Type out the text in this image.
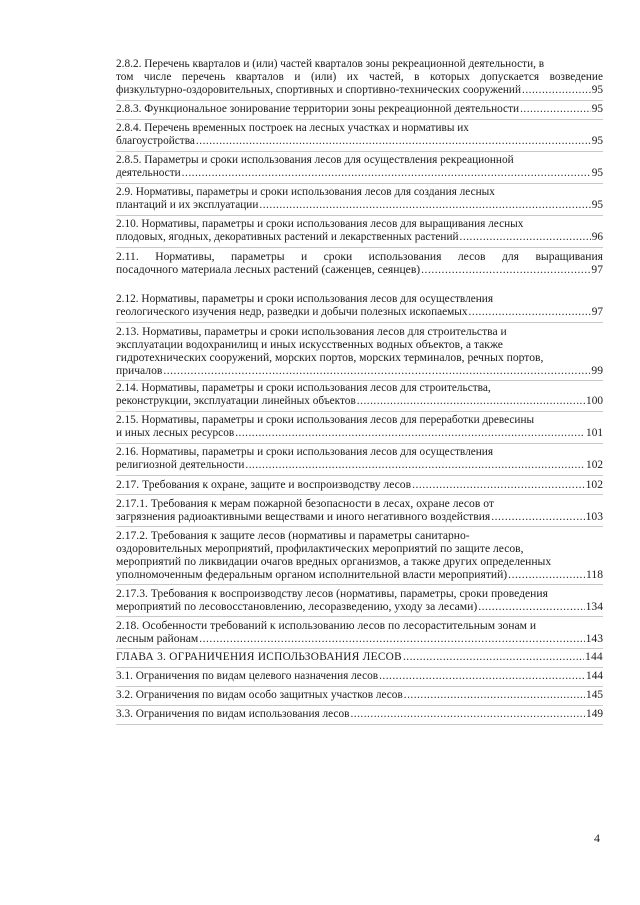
2.8.2. Перечень кварталов и (или) частей кварталов зоны рекреационной деятельности, в
том числе перечень кварталов и (или) их частей, в которых допускается возведение
физкультурно-оздоровительных, спортивных и спортивно-технических сооружений .....	95
2.8.3. Функциональное зонирование территории зоны рекреационной деятельности .....	95
2.8.4. Перечень временных построек на лесных участках и нормативы их
благоустройства .....	95
2.8.5. Параметры и сроки использования лесов для осуществления рекреационной
деятельности .....	95
2.9. Нормативы, параметры и сроки использования лесов для создания лесных
плантаций и их эксплуатации .....	95
2.10. Нормативы, параметры и сроки использования лесов для выращивания лесных
плодовых, ягодных, декоративных растений и лекарственных растений .....	96
2.11. Нормативы, параметры и сроки использования лесов для выращивания
посадочного материала лесных растений (саженцев, сеянцев) .....	97
2.12. Нормативы, параметры и сроки использования лесов для осуществления
геологического изучения недр, разведки и добычи полезных ископаемых .....	97
2.13. Нормативы, параметры и сроки использования лесов для строительства и
эксплуатации водохранилищ и иных искусственных водных объектов, а также
гидротехнических сооружений, морских портов, морских терминалов, речных портов,
причалов .....	99
2.14. Нормативы, параметры и сроки использования лесов для строительства,
реконструкции, эксплуатации линейных объектов .....	100
2.15. Нормативы, параметры и сроки использования лесов для переработки древесины
и иных лесных ресурсов .....	101
2.16. Нормативы, параметры и сроки использования лесов для осуществления
религиозной деятельности .....	102
2.17. Требования к охране, защите и воспроизводству лесов .....	102
2.17.1. Требования к мерам пожарной безопасности в лесах, охране лесов от
загрязнения радиоактивными веществами и иного негативного воздействия .....	103
2.17.2. Требования к защите лесов (нормативы и параметры санитарно-
оздоровительных мероприятий, профилактических мероприятий по защите лесов,
мероприятий по ликвидации очагов вредных организмов, а также других определенных
уполномоченным федеральным органом исполнительной власти мероприятий) .....	118
2.17.3. Требования к воспроизводству лесов (нормативы, параметры, сроки проведения
мероприятий по лесовосстановлению, лесоразведению, уходу за лесами) .....	134
2.18. Особенности требований к использованию лесов по лесорастительным зонам и
лесным районам .....	143
ГЛАВА 3. ОГРАНИЧЕНИЯ ИСПОЛЬЗОВАНИЯ ЛЕСОВ .....	144
3.1. Ограничения по видам целевого назначения лесов .....	144
3.2. Ограничения по видам особо защитных участков лесов .....	145
3.3. Ограничения по видам использования лесов .....	149
4
